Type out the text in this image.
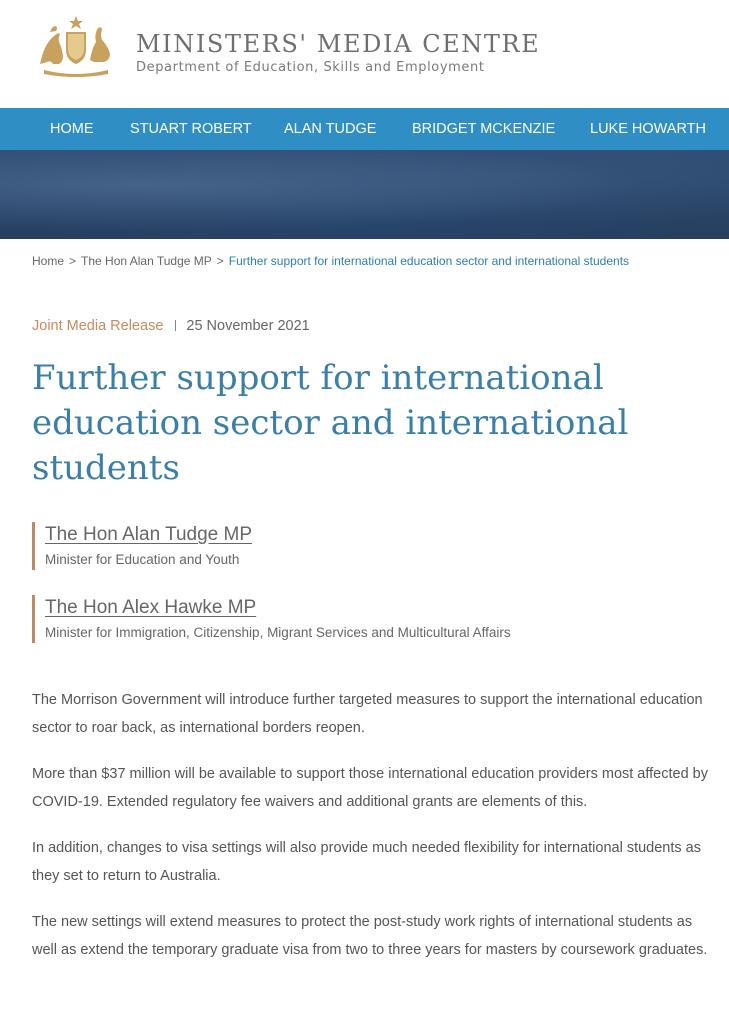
MINISTERS' MEDIA CENTRE
Department of Education, Skills and Employment
HOME	STUART ROBERT ALAN TUDGE BRIDGET MCKENZIE LUKE HOWARTH
Home > The Hon Alan Tudge MP > Further support for international education sector and international students
Joint Media Release 25 November 2021
Further support for international education sector and international students
The Hon Alan Tudge MP
Minister for Education and Youth
The Hon Alex Hawke MP
Minister for Immigration, Citizenship, Migrant Services and Multicultural Affairs

The Morrison Government will introduce further targeted measures to support the international education sector to roar back, as international borders reopen.

More than $37 million will be available to support those international education providers most affected by COVID-19. Extended regulatory fee waivers and additional grants are elements of this.

In addition, changes to visa settings will also provide much needed flexibility for international students as they set to return to Australia.

The new settings will extend measures to protect the post-study work rights of international students as well as extend the temporary graduate visa from two to three years for masters by coursework graduates.
